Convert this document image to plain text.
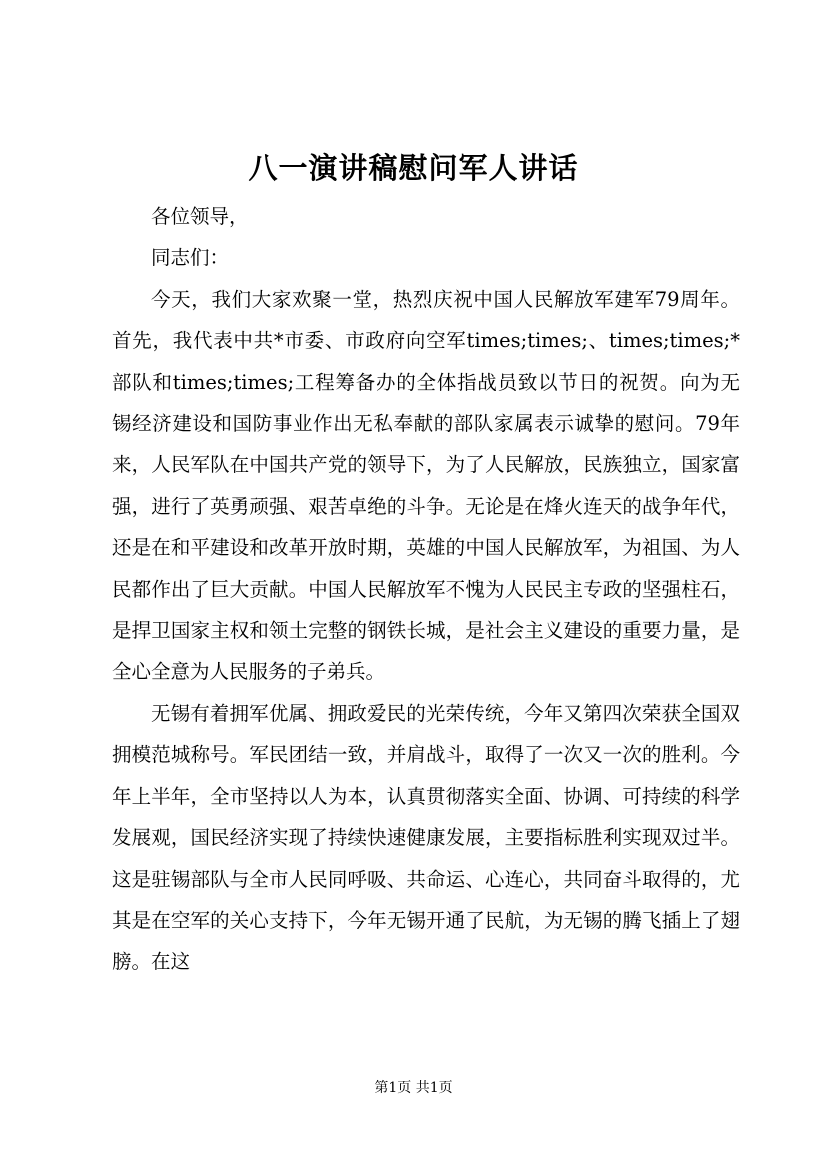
八一演讲稿慰问军人讲话

各位领导，

同志们：

今天，我们大家欢聚一堂，热烈庆祝中国人民解放军建军79周年。首先，我代表中共*市委、市政府向空军times;times;、times;times;*部队和times;times;工程筹备办的全体指战员致以节日的祝贺。向为无锡经济建设和国防事业作出无私奉献的部队家属表示诚挚的慰问。79年来，人民军队在中国共产党的领导下，为了人民解放，民族独立，国家富强，进行了英勇顽强、艰苦卓绝的斗争。无论是在烽火连天的战争年代，还是在和平建设和改革开放时期，英雄的中国人民解放军，为祖国、为人民都作出了巨大贡献。中国人民解放军不愧为人民民主专政的坚强柱石，是捍卫国家主权和领土完整的钢铁长城，是社会主义建设的重要力量，是全心全意为人民服务的子弟兵。

无锡有着拥军优属、拥政爱民的光荣传统，今年又第四次荣获全国双拥模范城称号。军民团结一致，并肩战斗，取得了一次又一次的胜利。今年上半年，全市坚持以人为本，认真贯彻落实全面、协调、可持续的科学发展观，国民经济实现了持续快速健康发展，主要指标胜利实现双过半。这是驻锡部队与全市人民同呼吸、共命运、心连心，共同奋斗取得的，尤其是在空军的关心支持下，今年无锡开通了民航，为无锡的腾飞插上了翅膀。在这

第1页 共1页
